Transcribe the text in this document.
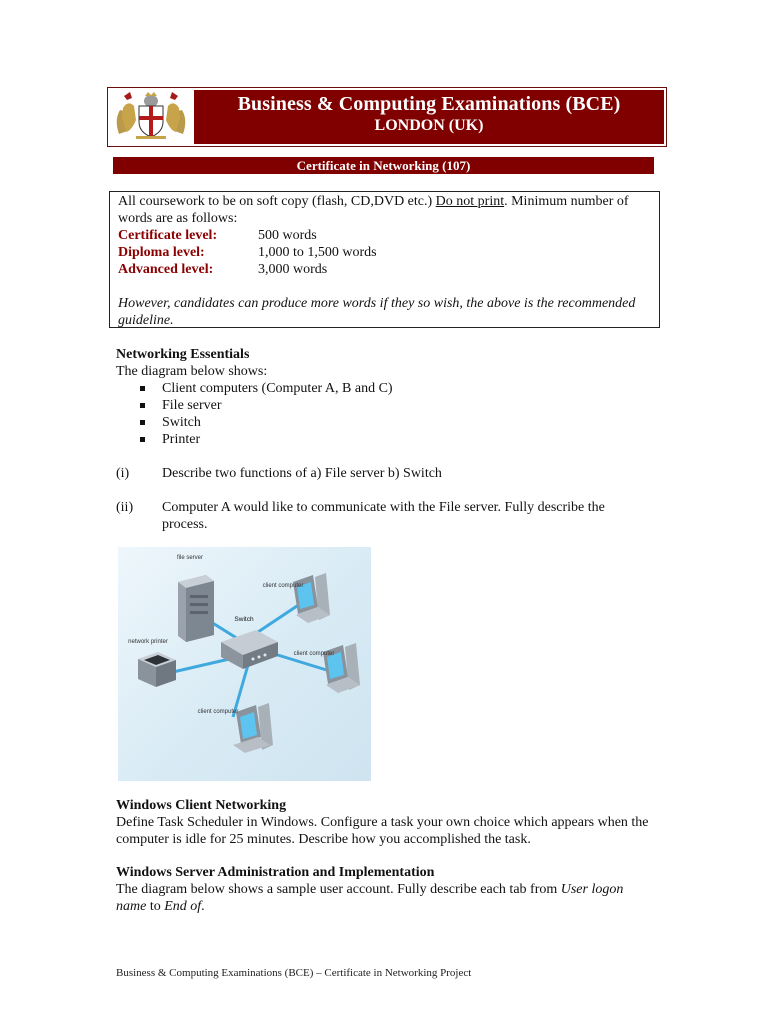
Business & Computing Examinations (BCE)
LONDON (UK)
Certificate in Networking (107)
All coursework to be on soft copy (flash, CD,DVD etc.) Do not print. Minimum number of words are as follows:
Certificate level:	500 words
Diploma level:	1,000 to 1,500 words
Advanced level:	3,000 words
However, candidates can produce more words if they so wish, the above is the recommended guideline.
Networking Essentials
The diagram below shows:
Client computers (Computer A, B and C)
File server
Switch
Printer
(i)	Describe two functions of a) File server b) Switch
(ii)	Computer A would like to communicate with the File server. Fully describe the process.
file server
Switch
client computer
client computer
client computer
network printer
Windows Client Networking
Define Task Scheduler in Windows. Configure a task your own choice which appears when the computer is idle for 25 minutes. Describe how you accomplished the task.
Windows Server Administration and Implementation
The diagram below shows a sample user account. Fully describe each tab from User logon name to End of.
Business & Computing Examinations (BCE) – Certificate in Networking Project
